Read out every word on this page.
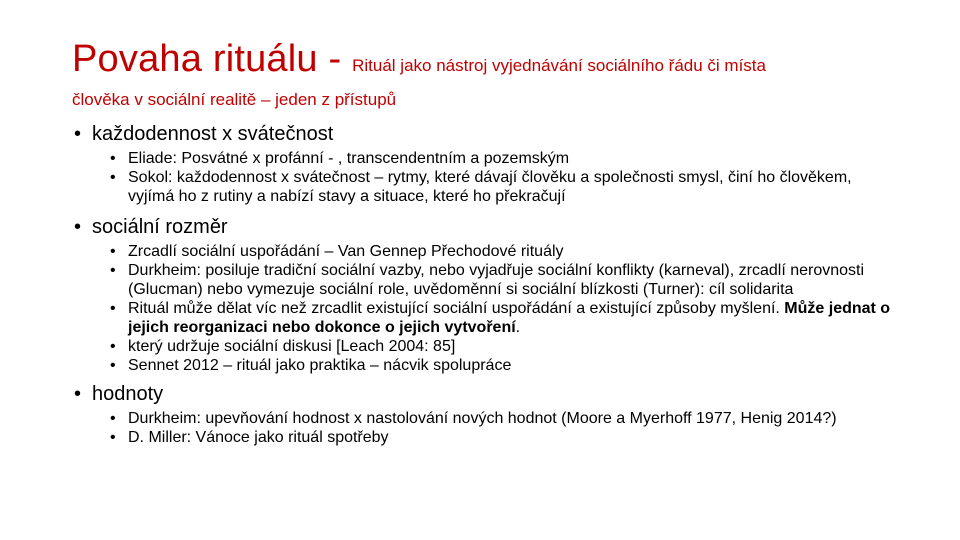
Povaha rituálu - Rituál jako nástroj vyjednávání sociálního řádu či místa
člověka v sociální realitě – jeden z přístupů
• každodennost x svátečnost
• Eliade: Posvátné x profánní - , transcendentním a pozemským
• Sokol: každodennost x svátečnost – rytmy, které dávají člověku a společnosti smysl, činí ho člověkem, vyjímá ho z rutiny a nabízí stavy a situace, které ho překračují
• sociální rozměr
• Zrcadlí sociální uspořádání – Van Gennep Přechodové rituály
• Durkheim: posiluje tradiční sociální vazby, nebo vyjadřuje sociální konflikty (karneval), zrcadlí nerovnosti (Glucman) nebo vymezuje sociální role, uvědoměnní si sociální blízkosti (Turner): cíl solidarita
• Rituál může dělat víc než zrcadlit existující sociální uspořádání a existující způsoby myšlení. Může jednat o jejich reorganizaci nebo dokonce o jejich vytvoření.
• který udržuje sociální diskusi [Leach 2004: 85]
• Sennet 2012 – rituál jako praktika – nácvik spolupráce
• hodnoty
• Durkheim: upevňování hodnost x nastolování nových hodnot (Moore a Myerhoff 1977, Henig 2014?)
• D. Miller: Vánoce jako rituál spotřeby
